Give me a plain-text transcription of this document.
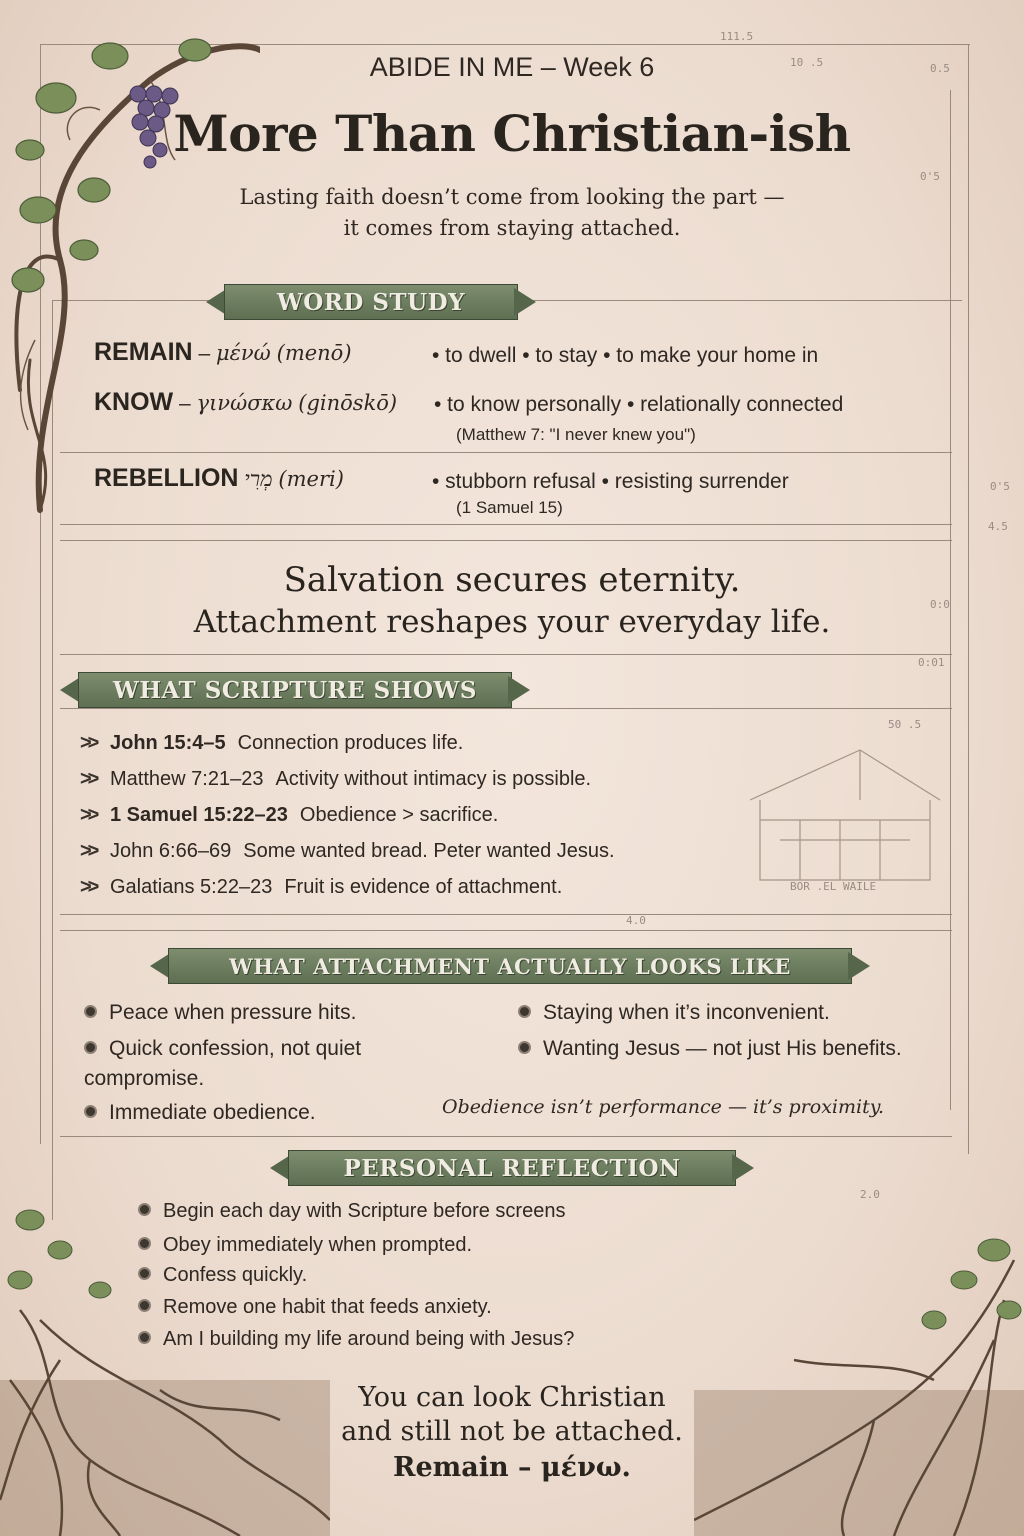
111.5
10 .5	0.5
0'5
4.5
0:0
0:01
50 .5
4.0
BOR .EL WAILE
2.0
0'5
ABIDE IN ME – Week 6
More Than Christian-ish
Lasting faith doesn’t come from looking the part —
it comes from staying attached.
WORD STUDY
REMAIN – μένώ (menō)	• to dwell • to stay • to make your home in
KNOW – γινώσκω (ginōskō) • to know personally • relationally connected
(Matthew 7: "I never knew you")
REBELLION מְרִי (meri)	• stubborn refusal • resisting surrender
(1 Samuel 15)
Salvation secures eternity.
Attachment reshapes your everyday life.
WHAT SCRIPTURE SHOWS
>> John 15:4–5 Connection produces life.
>> Matthew 7:21–23 Activity without intimacy is possible.
>> 1 Samuel 15:22–23 Obedience > sacrifice.
>> John 6:66–69 Some wanted bread. Peter wanted Jesus.
>> Galatians 5:22–23 Fruit is evidence of attachment.
WHAT ATTACHMENT ACTUALLY LOOKS LIKE
Peace when pressure hits.
Quick confession, not quiet compromise.
Immediate obedience.
Staying when it’s inconvenient.
Wanting Jesus — not just His benefits.
Obedience isn’t performance — it’s proximity.
PERSONAL REFLECTION
Begin each day with Scripture before screens
Obey immediately when prompted.
Confess quickly.
Remove one habit that feeds anxiety.
Am I building my life around being with Jesus?
You can look Christian
and still not be attached.
Remain – μένω.
